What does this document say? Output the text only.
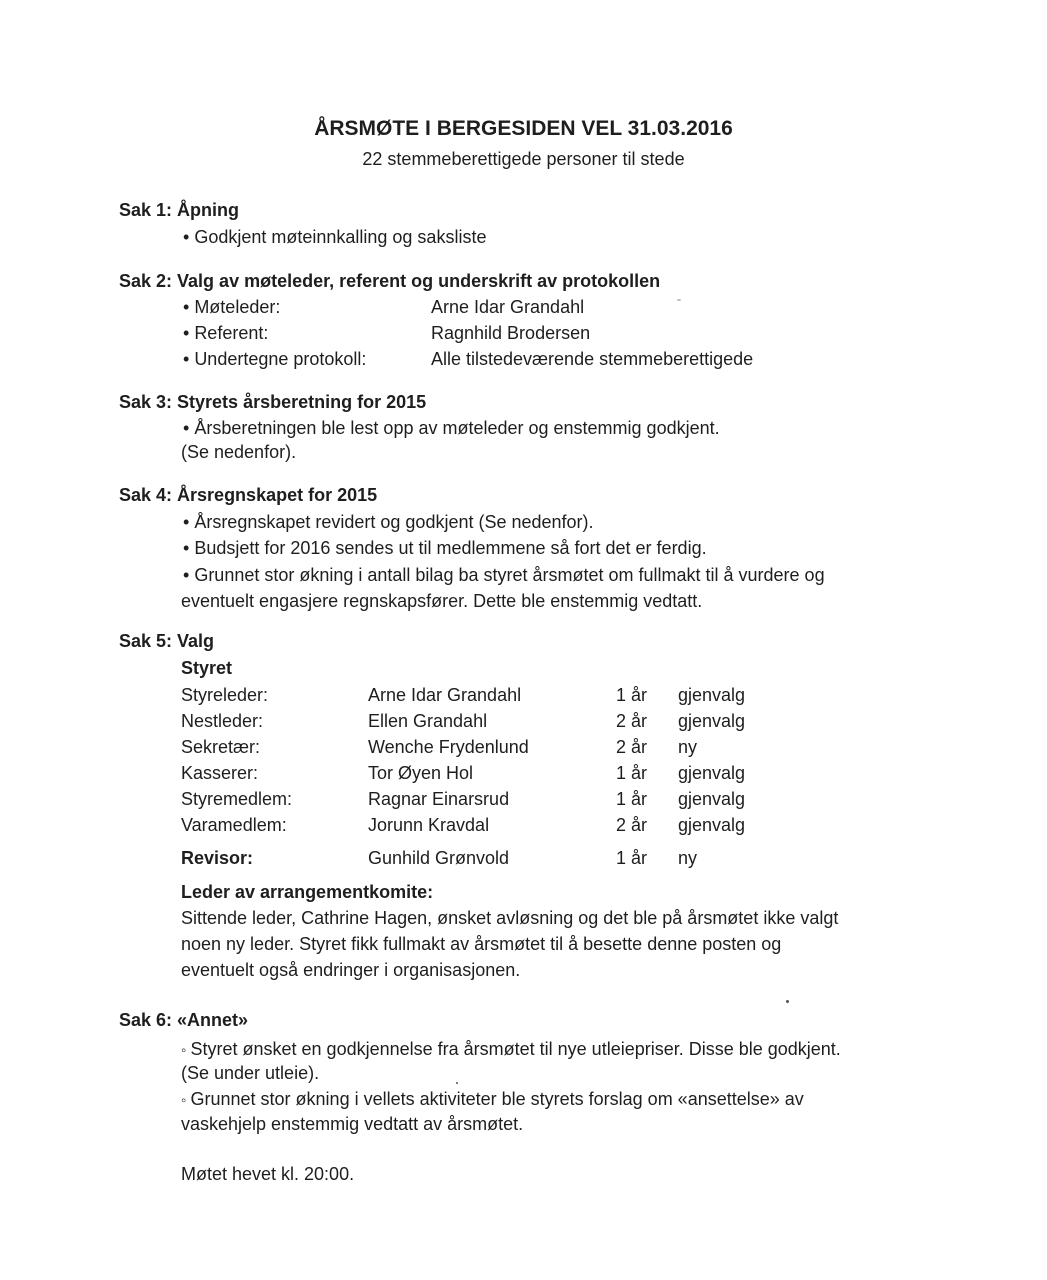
ÅRSMØTE I BERGESIDEN VEL 31.03.2016
22 stemmeberettigede personer til stede
Sak 1: Åpning
• Godkjent møteinnkalling og saksliste
Sak 2: Valg av møteleder, referent og underskrift av protokollen
• Møteleder:	Arne Idar Grandahl
• Referent:	Ragnhild Brodersen
• Undertegne protokoll:	Alle tilstedeværende stemmeberettigede
Sak 3: Styrets årsberetning for 2015
• Årsberetningen ble lest opp av møteleder og enstemmig godkjent.
(Se nedenfor).
Sak 4: Årsregnskapet for 2015
• Årsregnskapet revidert og godkjent (Se nedenfor).
• Budsjett for 2016 sendes ut til medlemmene så fort det er ferdig.
• Grunnet stor økning i antall bilag ba styret årsmøtet om fullmakt til å vurdere og
eventuelt engasjere regnskapsfører. Dette ble enstemmig vedtatt.
Sak 5: Valg
Styret
Styreleder:	Arne Idar Grandahl	1 år gjenvalg
Nestleder:	Ellen Grandahl	2 år gjenvalg
Sekretær:	Wenche Frydenlund	2 år ny
Kasserer:	Tor Øyen Hol	1 år gjenvalg
Styremedlem:	Ragnar Einarsrud	1 år gjenvalg
Varamedlem:	Jorunn Kravdal	2 år gjenvalg
Revisor:	Gunhild Grønvold	1 år ny
Leder av arrangementkomite:
Sittende leder, Cathrine Hagen, ønsket avløsning og det ble på årsmøtet ikke valgt
noen ny leder. Styret fikk fullmakt av årsmøtet til å besette denne posten og
eventuelt også endringer i organisasjonen.
Sak 6: «Annet»
◦ Styret ønsket en godkjennelse fra årsmøtet til nye utleiepriser. Disse ble godkjent.
(Se under utleie).
◦ Grunnet stor økning i vellets aktiviteter ble styrets forslag om «ansettelse» av
vaskehjelp enstemmig vedtatt av årsmøtet.
Møtet hevet kl. 20:00.
